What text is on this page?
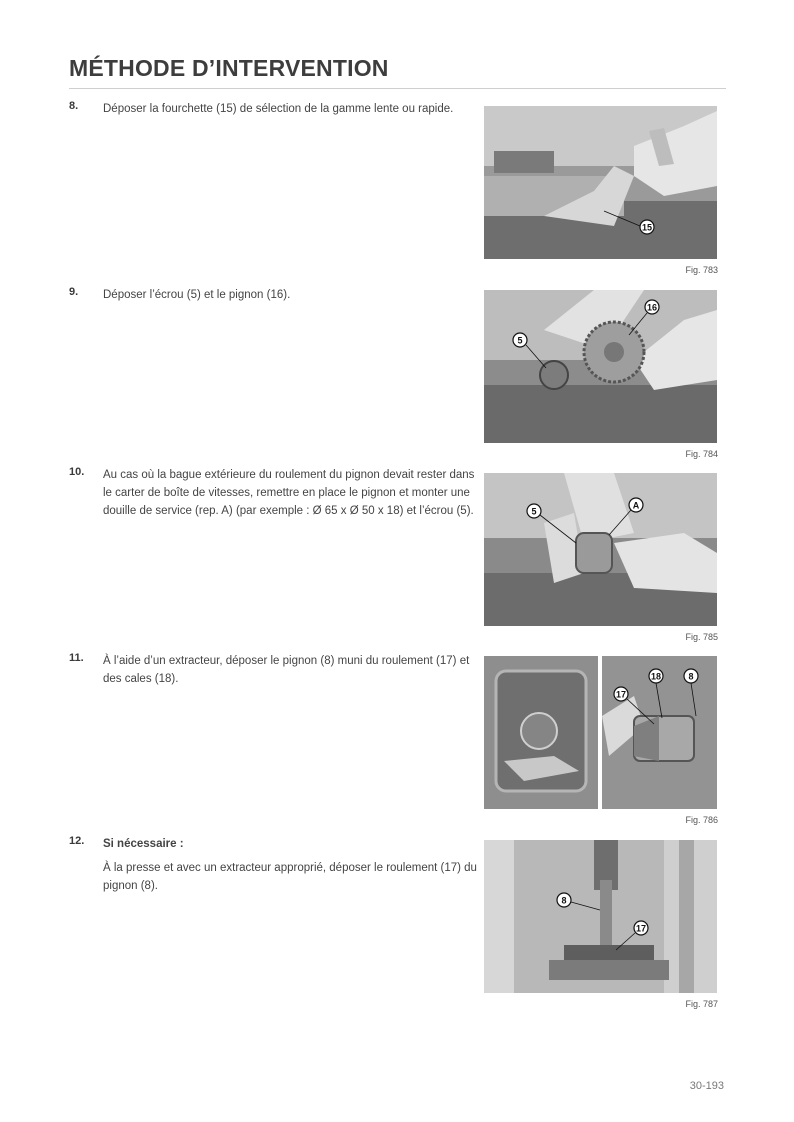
MÉTHODE D’INTERVENTION
8. Déposer la fourchette (15) de sélection de la gamme lente ou rapide.

15
Fig. 783
9. Déposer l’écrou (5) et le pignon (16).

16
5
Fig. 784
10. Au cas où la bague extérieure du roulement du pignon devait rester dans le carter de boîte de vitesses, remettre en place le pignon et monter une douille de service (rep. A) (par exemple : Ø 65 x Ø 50 x 18) et l’écrou (5).	5
A
Fig. 785
11. À l’aide d’un extracteur, déposer le pignon (8) muni du roulement (17) et des cales (18).	18	8
17
Fig. 786
12. Si nécessaire :

À la presse et avec un extracteur approprié, déposer le roulement (17) du pignon (8).

8
17
Fig. 787
30-193
